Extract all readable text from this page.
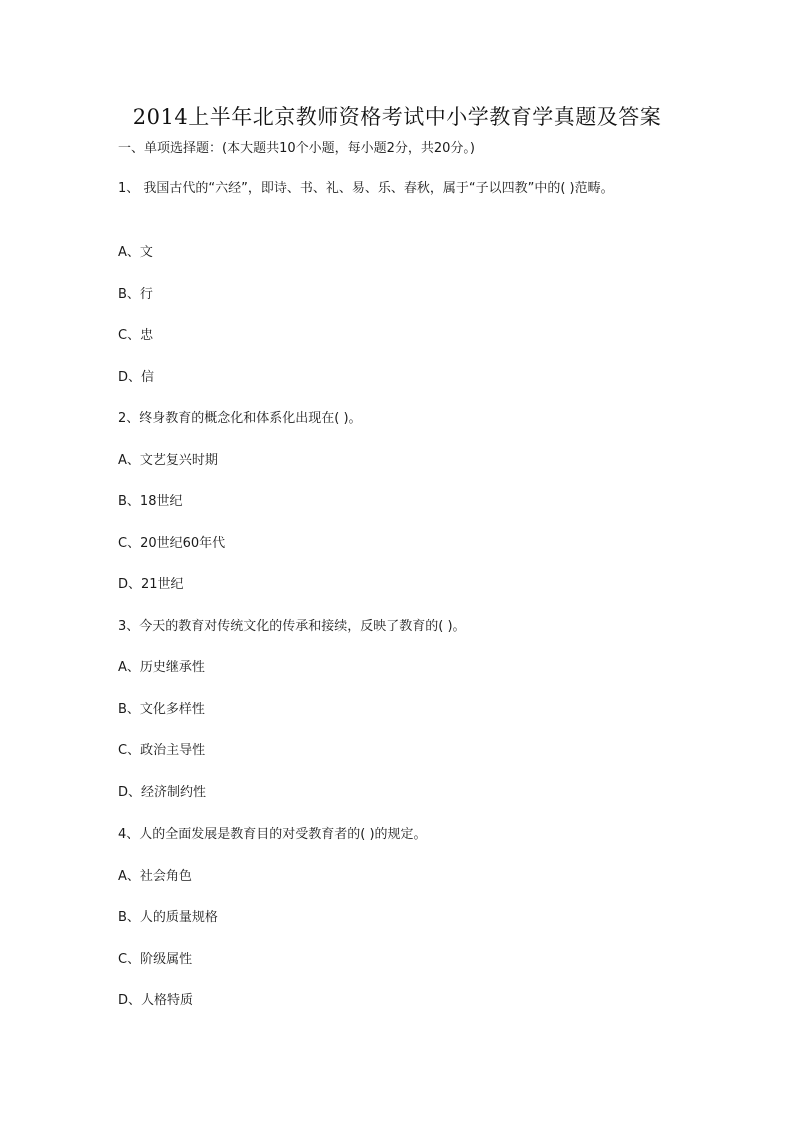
2014上半年北京教师资格考试中小学教育学真题及答案
一、单项选择题：(本大题共10个小题，每小题2分，共20分。)
1、 我国古代的“六经”，即诗、书、礼、易、乐、春秋，属于“子以四教”中的( )范畴。
A、文
B、行
C、忠
D、信
2、终身教育的概念化和体系化出现在( )。
A、文艺复兴时期
B、18世纪
C、20世纪60年代
D、21世纪
3、今天的教育对传统文化的传承和接续，反映了教育的( )。
A、历史继承性
B、文化多样性
C、政治主导性
D、经济制约性
4、人的全面发展是教育目的对受教育者的( )的规定。
A、社会角色
B、人的质量规格
C、阶级属性
D、人格特质
